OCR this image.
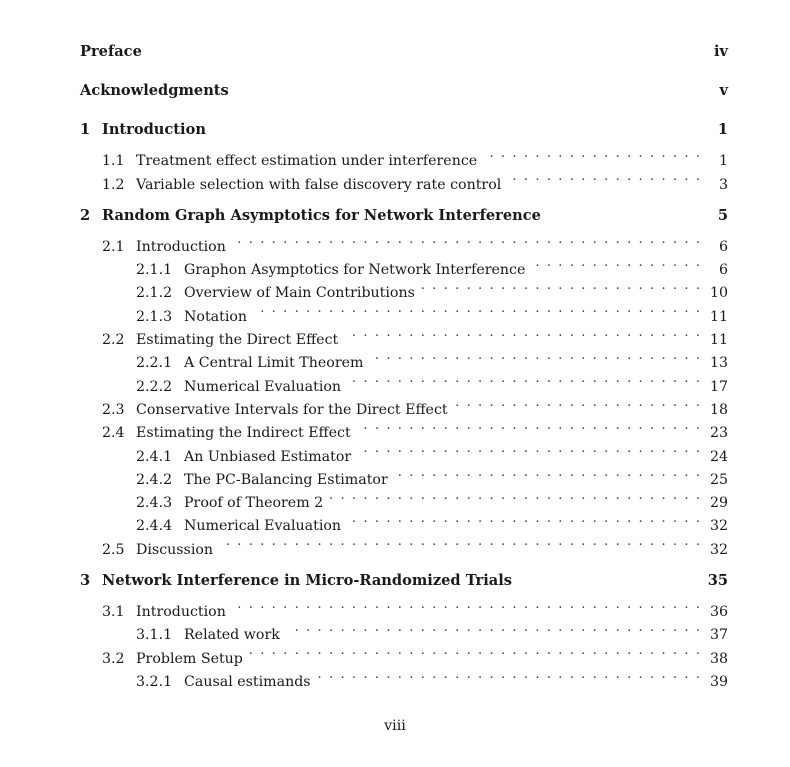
Preface	iv
Acknowledgments	v
1 Introduction	1
1.1 Treatment effect estimation under interference . . .	1
1.2 Variable selection with false discovery rate control . . .	3
2 Random Graph Asymptotics for Network Interference	5
2.1 Introduction . . .	6
2.1.1 Graphon Asymptotics for Network Interference . . .	6
2.1.2 Overview of Main Contributions . . .	10
2.1.3 Notation . . .	11
2.2 Estimating the Direct Effect . . .	11
2.2.1 A Central Limit Theorem . . .	13
2.2.2 Numerical Evaluation . . .	17
2.3 Conservative Intervals for the Direct Effect . . .	18
2.4 Estimating the Indirect Effect . . .	23
2.4.1 An Unbiased Estimator . . .	24
2.4.2 The PC-Balancing Estimator . . .	25
2.4.3 Proof of Theorem 2 . . .	29
2.4.4 Numerical Evaluation . . .	32
2.5 Discussion . . .	32
3 Network Interference in Micro-Randomized Trials	35
3.1 Introduction . . .	36
3.1.1 Related work . . .	37
3.2 Problem Setup . . .	38
3.2.1 Causal estimands . . .	39
viii
